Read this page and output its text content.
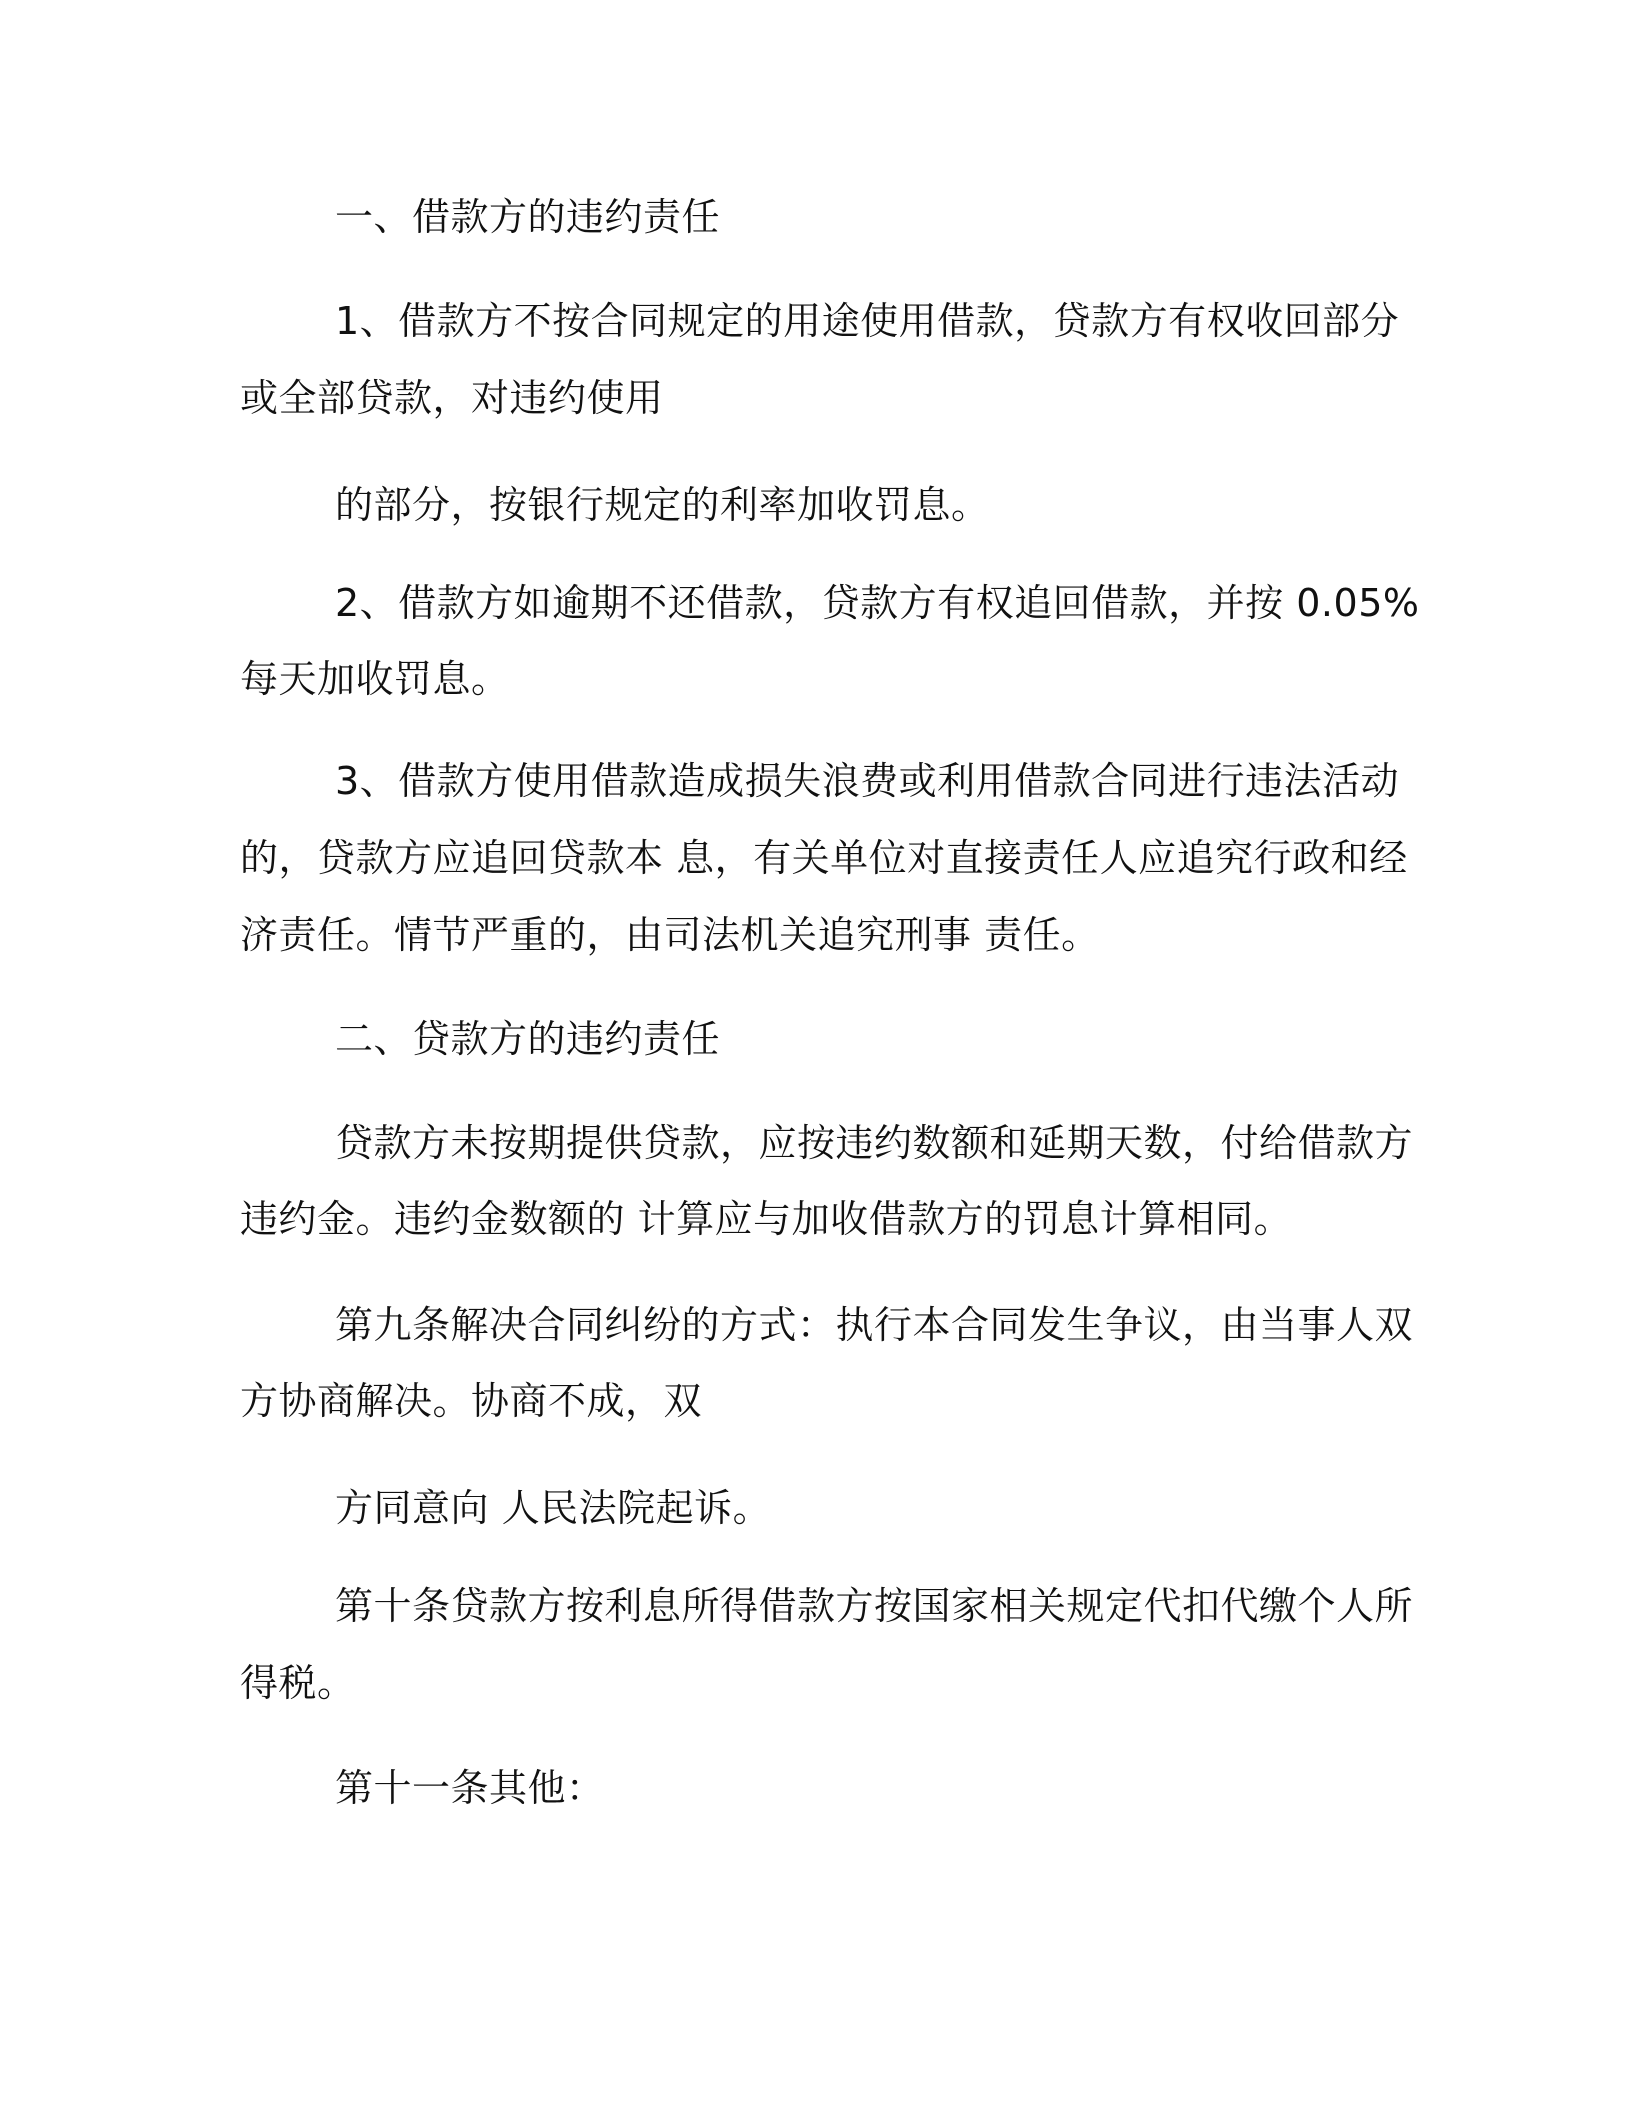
一、借款方的违约责任
1、借款方不按合同规定的用途使用借款，贷款方有权收回部分
或全部贷款，对违约使用
的部分，按银行规定的利率加收罚息。
2、借款方如逾期不还借款，贷款方有权追回借款，并按 0.05%
每天加收罚息。
3、借款方使用借款造成损失浪费或利用借款合同进行违法活动
的，贷款方应追回贷款本 息，有关单位对直接责任人应追究行政和经
济责任。情节严重的，由司法机关追究刑事 责任。
二、贷款方的违约责任
贷款方未按期提供贷款，应按违约数额和延期天数，付给借款方
违约金。违约金数额的 计算应与加收借款方的罚息计算相同。
第九条解决合同纠纷的方式：执行本合同发生争议，由当事人双
方协商解决。协商不成，双
方同意向 人民法院起诉。
第十条贷款方按利息所得借款方按国家相关规定代扣代缴个人所
得税。
第十一条其他：
